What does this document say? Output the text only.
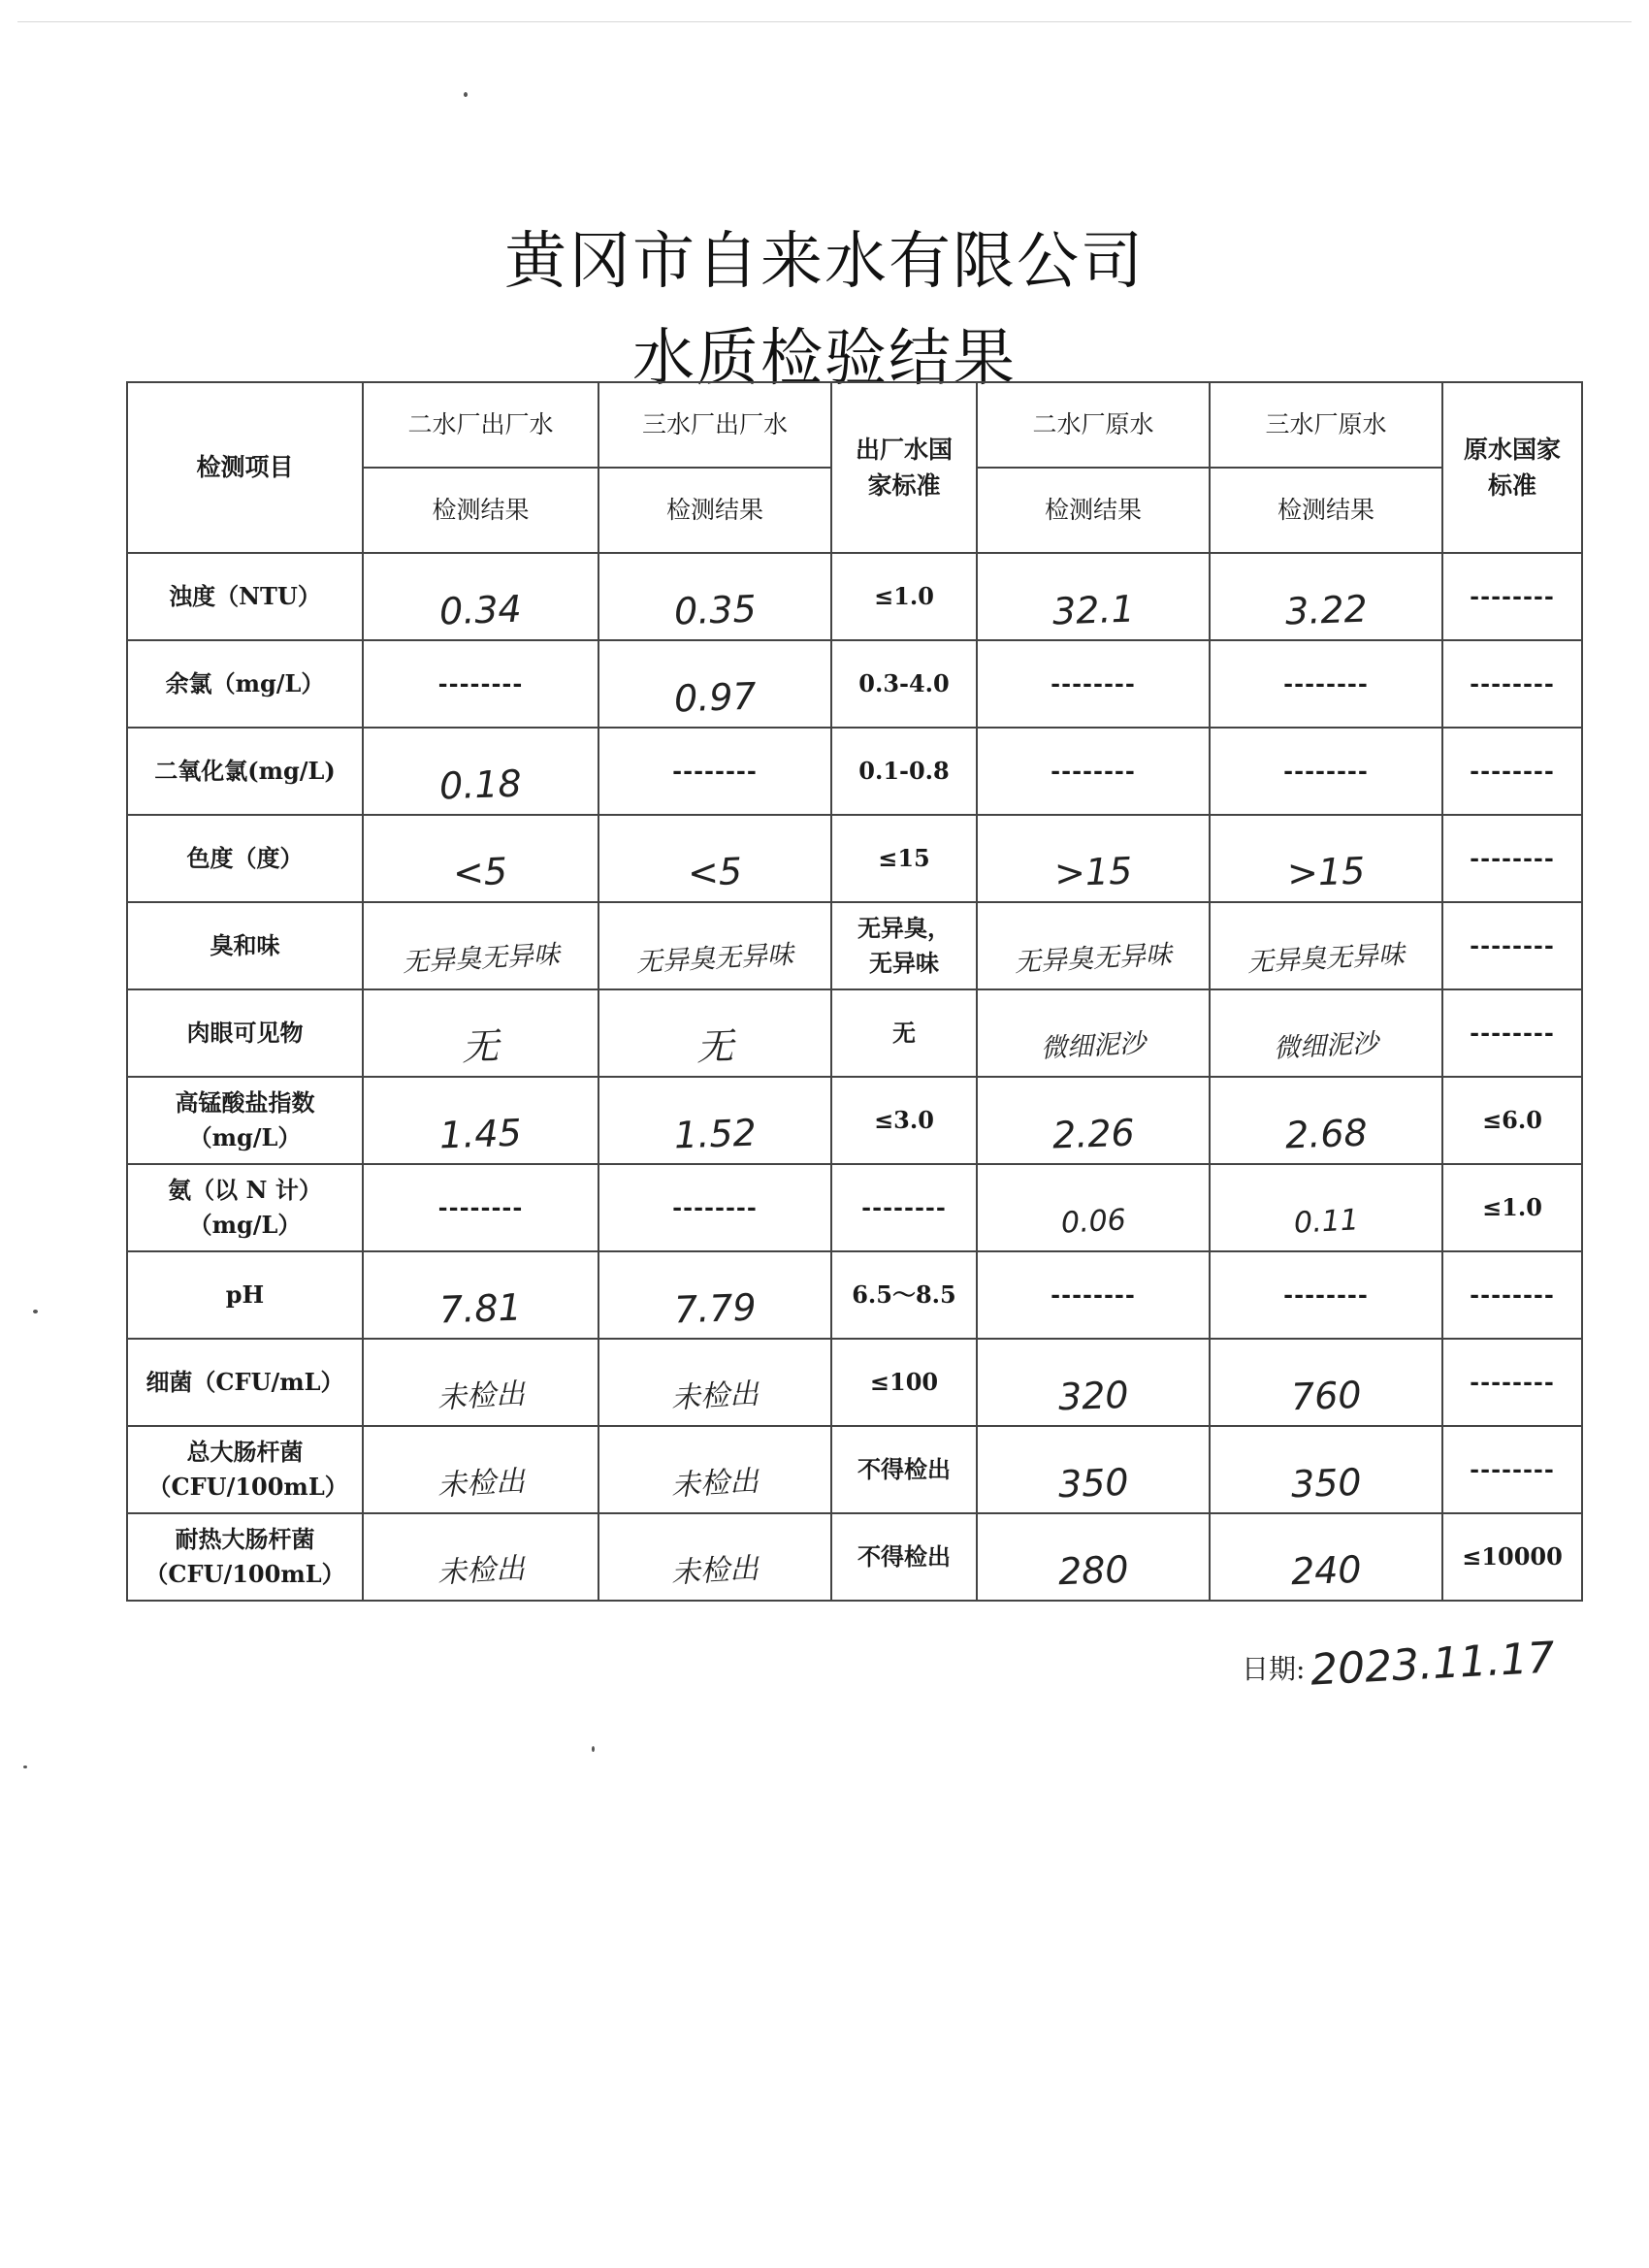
黄冈市自来水有限公司
水质检验结果
检测项目	二水厂出厂水	三水厂出厂水	出厂水国家标准	二水厂原水	三水厂原水	原水国家标准

	检测结果	检测结果		检测结果	检测结果	
浊度（NTU）	0.34	0.35	≤1.0	32.1	3.22	--------
余氯（mg/L）	--------	0.97	0.3-4.0	--------	--------	--------
二氧化氯(mg/L)	0.18	--------	0.1-0.8	--------	--------	--------
色度（度）	<5	<5	≤15	>15	>15	--------
臭和味	无异臭无异味	无异臭无异味	无异臭，无异味	无异臭无异味	无异臭无异味	--------
肉眼可见物	无	无	无	微细泥沙	微细泥沙	--------

高锰酸盐指数（mg/L）	1.45	1.52	≤3.0	2.26	2.68	≤6.0

氨（以 N 计）（mg/L）	--------	--------	--------	0.06	0.11	≤1.0
pH	7.81	7.79	6.5～8.5	--------	--------	--------
细菌（CFU/mL）	未检出	未检出	≤100	320	760	--------

总大肠杆菌（CFU/100mL）	未检出	未检出	不得检出	350	350	--------

耐热大肠杆菌（CFU/100mL）	未检出	未检出	不得检出	280	240	≤10000
日期: 2023.11.17
